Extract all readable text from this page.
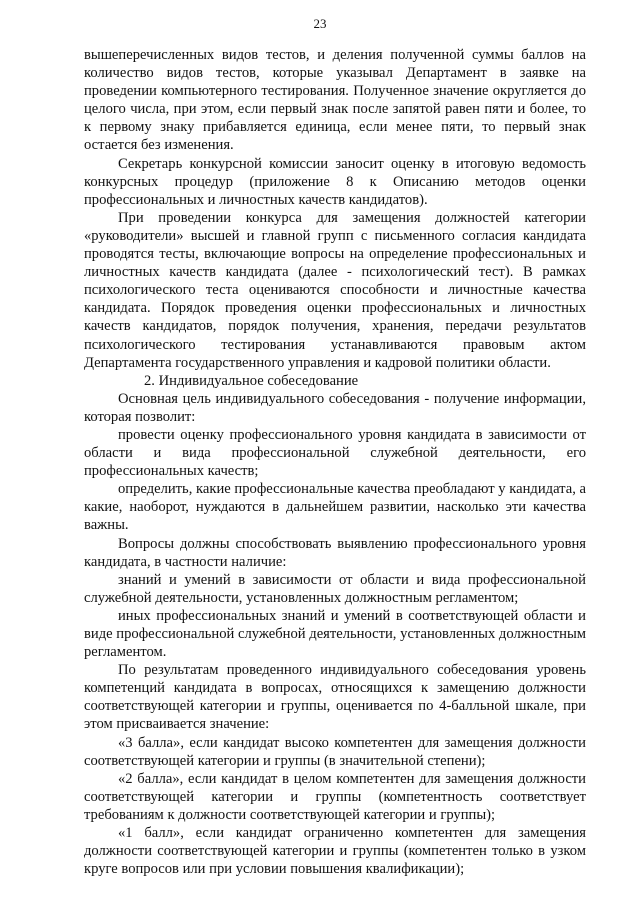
23

вышеперечисленных видов тестов, и деления полученной суммы баллов на количество видов тестов, которые указывал Департамент в заявке на проведении компьютерного тестирования. Полученное значение округляется до целого числа, при этом, если первый знак после запятой равен пяти и более, то к первому знаку прибавляется единица, если менее пяти, то первый знак остается без изменения.

Секретарь конкурсной комиссии заносит оценку в итоговую ведомость конкурсных процедур (приложение 8 к Описанию методов оценки профессиональных и личностных качеств кандидатов).

При проведении конкурса для замещения должностей категории «руководители» высшей и главной групп с письменного согласия кандидата проводятся тесты, включающие вопросы на определение профессиональных и личностных качеств кандидата (далее - психологический тест). В рамках психологического теста оцениваются способности и личностные качества кандидата. Порядок проведения оценки профессиональных и личностных качеств кандидатов, порядок получения, хранения, передачи результатов психологического тестирования устанавливаются правовым актом Департамента государственного управления и кадровой политики области.

2. Индивидуальное собеседование

Основная цель индивидуального собеседования - получение информации, которая позволит:

провести оценку профессионального уровня кандидата в зависимости от области и вида профессиональной служебной деятельности, его профессиональных качеств;

определить, какие профессиональные качества преобладают у кандидата, а какие, наоборот, нуждаются в дальнейшем развитии, насколько эти качества важны.

Вопросы должны способствовать выявлению профессионального уровня кандидата, в частности наличие:

знаний и умений в зависимости от области и вида профессиональной служебной деятельности, установленных должностным регламентом;

иных профессиональных знаний и умений в соответствующей области и виде профессиональной служебной деятельности, установленных должностным регламентом.

По результатам проведенного индивидуального собеседования уровень компетенций кандидата в вопросах, относящихся к замещению должности соответствующей категории и группы, оценивается по 4-балльной шкале, при этом присваивается значение:

«3 балла», если кандидат высоко компетентен для замещения должности соответствующей категории и группы (в значительной степени);

«2 балла», если кандидат в целом компетентен для замещения должности соответствующей категории и группы (компетентность соответствует требованиям к должности соответствующей категории и группы);

«1 балл», если кандидат ограниченно компетентен для замещения должности соответствующей категории и группы (компетентен только в узком круге вопросов или при условии повышения квалификации);
